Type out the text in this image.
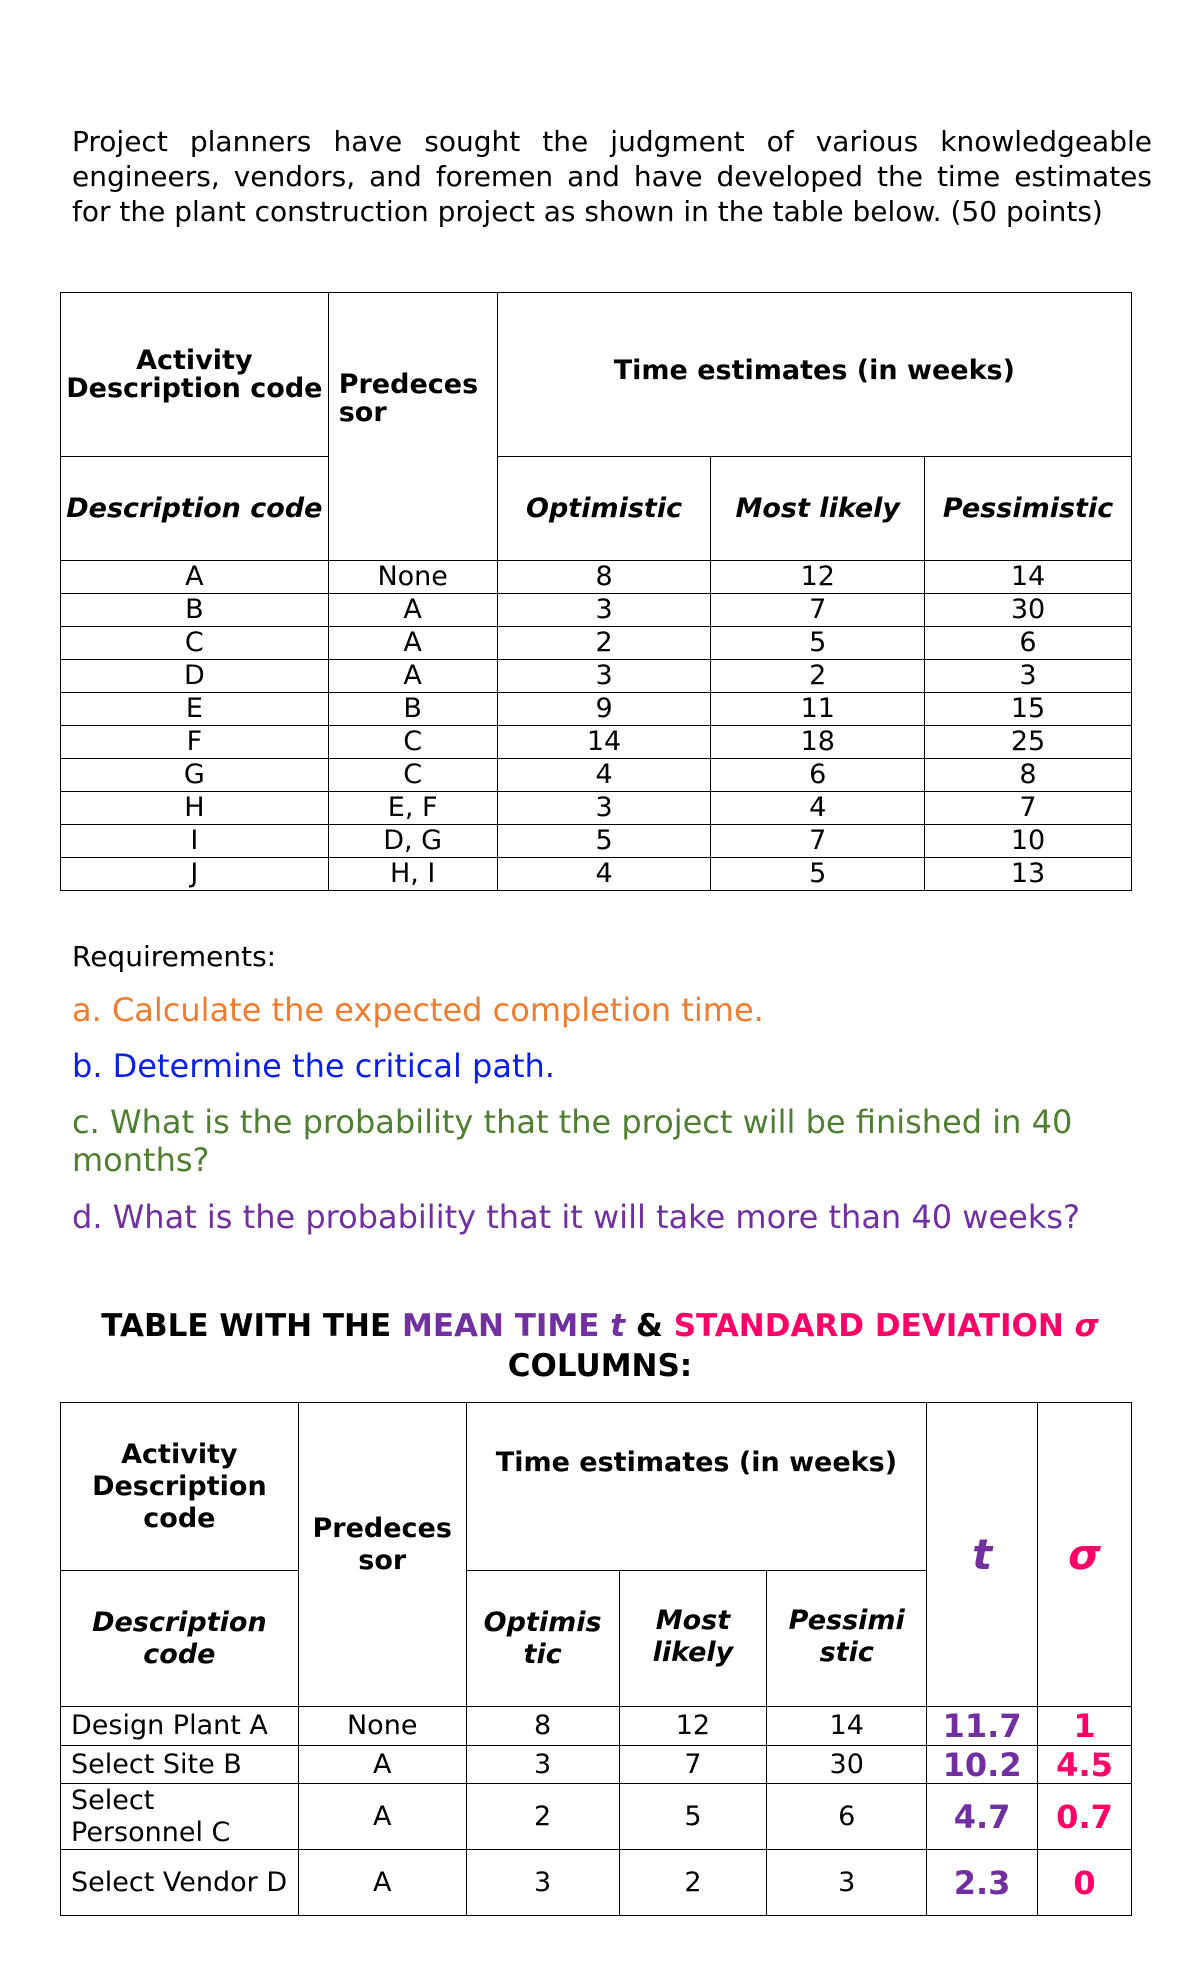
Project planners have sought the judgment of various knowledgeable engineers, vendors, and foremen and have developed the time estimates for the plant construction project as shown in the table below. (50 points)
Activity Description code	Predeces sor	Time estimates (in weeks)		
Description code		Optimistic	Most likely	Pessimistic
A	None	8	12	14
B	A	3	7	30
C	A	2	5	6
D	A	3	2	3
E	B	9	11	15
F	C	14	18	25
G	C	4	6	8
H	E, F	3	4	7
I	D, G	5	7	10
J	H, I	4	5	13
Requirements:
a. Calculate the expected completion time.
b. Determine the critical path.
c. What is the probability that the project will be finished in 40 months?
d. What is the probability that it will take more than 40 weeks?
TABLE WITH THE MEAN TIME t & STANDARD DEVIATION σ COLUMNS:
Activity Description code	Predeces sor	Time estimates (in weeks)			t	σ
Description code		Optimis tic	Most likely	Pessimi stic		
Design Plant A	None	8	12	14	11.7	1
Select Site B	A	3	7	30	10.2	4.5
Select Personnel C	A	2	5	6	4.7	0.7
Select Vendor D	A	3	2	3	2.3	0
